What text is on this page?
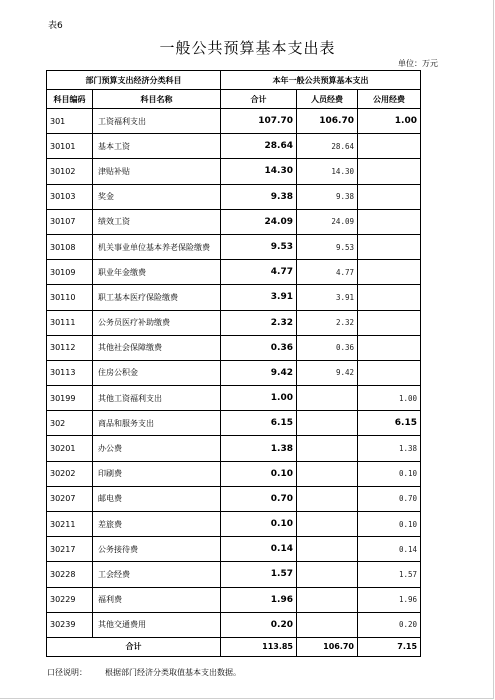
表6
一般公共预算基本支出表
单位：万元
部门预算支出经济分类科目		本年一般公共预算基本支出		
科目编码	科目名称	合计	人员经费	公用经费
301	工资福利支出	107.70	106.70	1.00
30101	基本工资	28.64	28.64	
30102	津贴补贴	14.30	14.30	
30103	奖金	9.38	9.38	
30107	绩效工资	24.09	24.09	
30108	机关事业单位基本养老保险缴费	9.53	9.53	
30109	职业年金缴费	4.77	4.77	
30110	职工基本医疗保险缴费	3.91	3.91	
30111	公务员医疗补助缴费	2.32	2.32	
30112	其他社会保障缴费	0.36	0.36	
30113	住房公积金	9.42	9.42	
30199	其他工资福利支出	1.00		1.00
302	商品和服务支出	6.15		6.15
30201	办公费	1.38		1.38
30202	印刷费	0.10		0.10
30207	邮电费	0.70		0.70
30211	差旅费	0.10		0.10
30217	公务接待费	0.14		0.14
30228	工会经费	1.57		1.57
30229	福利费	1.96		1.96
30239	其他交通费用	0.20		0.20
合计		113.85	106.70	7.15
口径说明： 根据部门经济分类取值基本支出数据。
